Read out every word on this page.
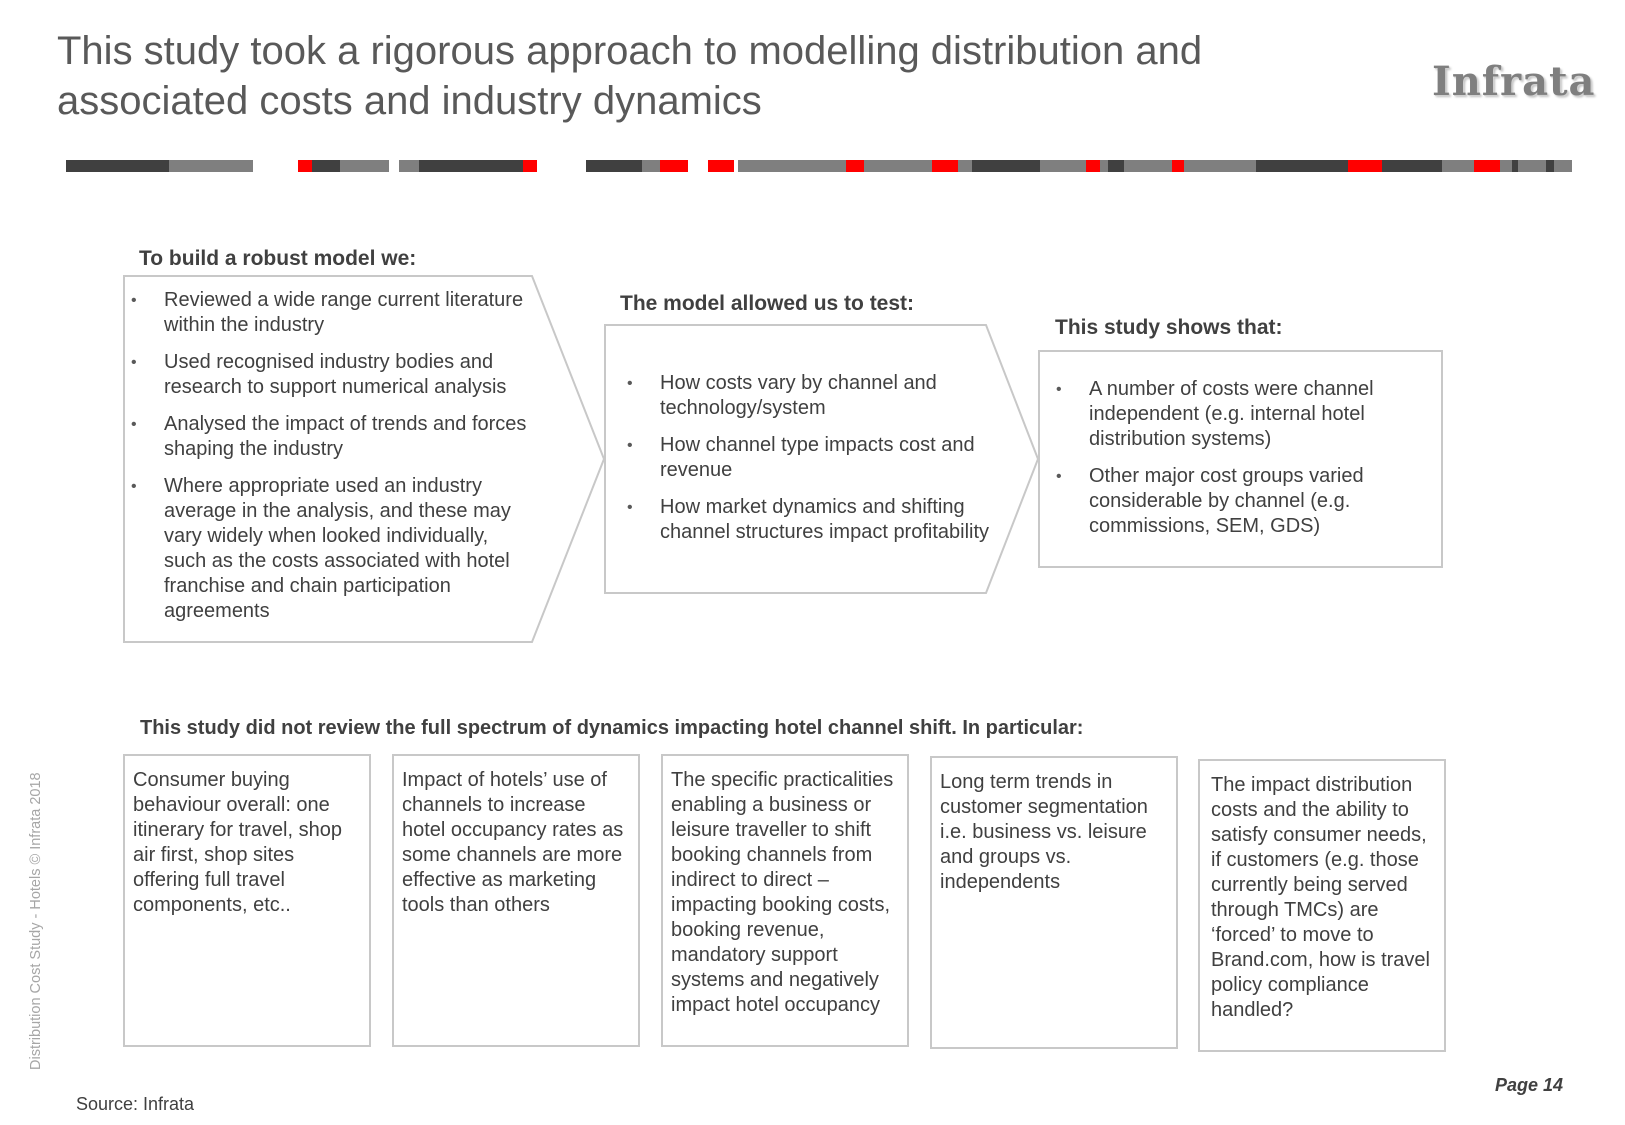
This study took a rigorous approach to modelling distribution and
associated costs and industry dynamics	Infrata
To build a robust model we:
• Reviewed a wide range current literature within the industry
• Used recognised industry bodies and research to support numerical analysis
• Analysed the impact of trends and forces shaping the industry
• Where appropriate used an industry average in the analysis, and these may vary widely when looked individually, such as the costs associated with hotel franchise and chain participation agreements
The model allowed us to test:
• How costs vary by channel and technology/system
• How channel type impacts cost and revenue
• How market dynamics and shifting channel structures impact profitability
This study shows that:
• A number of costs were channel independent (e.g. internal hotel distribution systems)
• Other major cost groups varied considerable by channel (e.g. commissions, SEM, GDS)
This study did not review the full spectrum of dynamics impacting hotel channel shift. In particular:
Consumer buying behaviour overall: one itinerary for travel, shop air first, shop sites offering full travel components, etc..
Impact of hotels’ use of channels to increase hotel occupancy rates as some channels are more effective as marketing tools than others
The specific practicalities enabling a business or leisure traveller to shift booking channels from indirect to direct – impacting booking costs, booking revenue, mandatory support systems and negatively impact hotel occupancy
Long term trends in customer segmentation i.e. business vs. leisure and groups vs. independents
The impact distribution costs and the ability to satisfy consumer needs, if customers (e.g. those currently being served through TMCs) are ‘forced’ to move to Brand.com, how is travel policy compliance handled?
Distribution Cost Study - Hotels © Infrata 2018
Page 14
Source: Infrata
